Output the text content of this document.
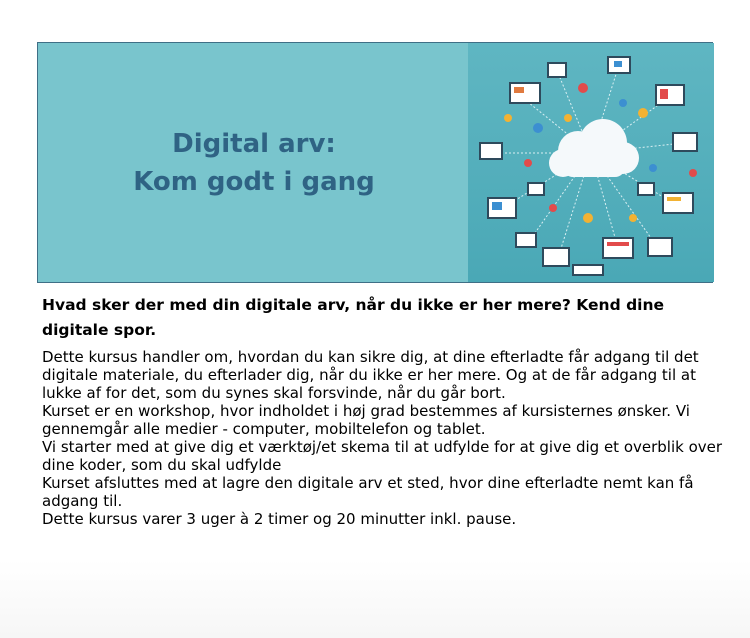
Digital arv:
Kom godt i gang
Hvad sker der med din digitale arv, når du ikke er her mere? Kend dine digitale spor.

Dette kursus handler om, hvordan du kan sikre dig, at dine efterladte får adgang til det digitale materiale, du efterlader dig, når du ikke er her mere. Og at de får adgang til at lukke af for det, som du synes skal forsvinde, når du går bort.

Kurset er en workshop, hvor indholdet i høj grad bestemmes af kursisternes ønsker. Vi gennemgår alle medier - computer, mobiltelefon og tablet.

Vi starter med at give dig et værktøj/et skema til at udfylde for at give dig et overblik over dine koder, som du skal udfylde

Kurset afsluttes med at lagre den digitale arv et sted, hvor dine efterladte nemt kan få adgang til.

Dette kursus varer 3 uger à 2 timer og 20 minutter inkl. pause.
